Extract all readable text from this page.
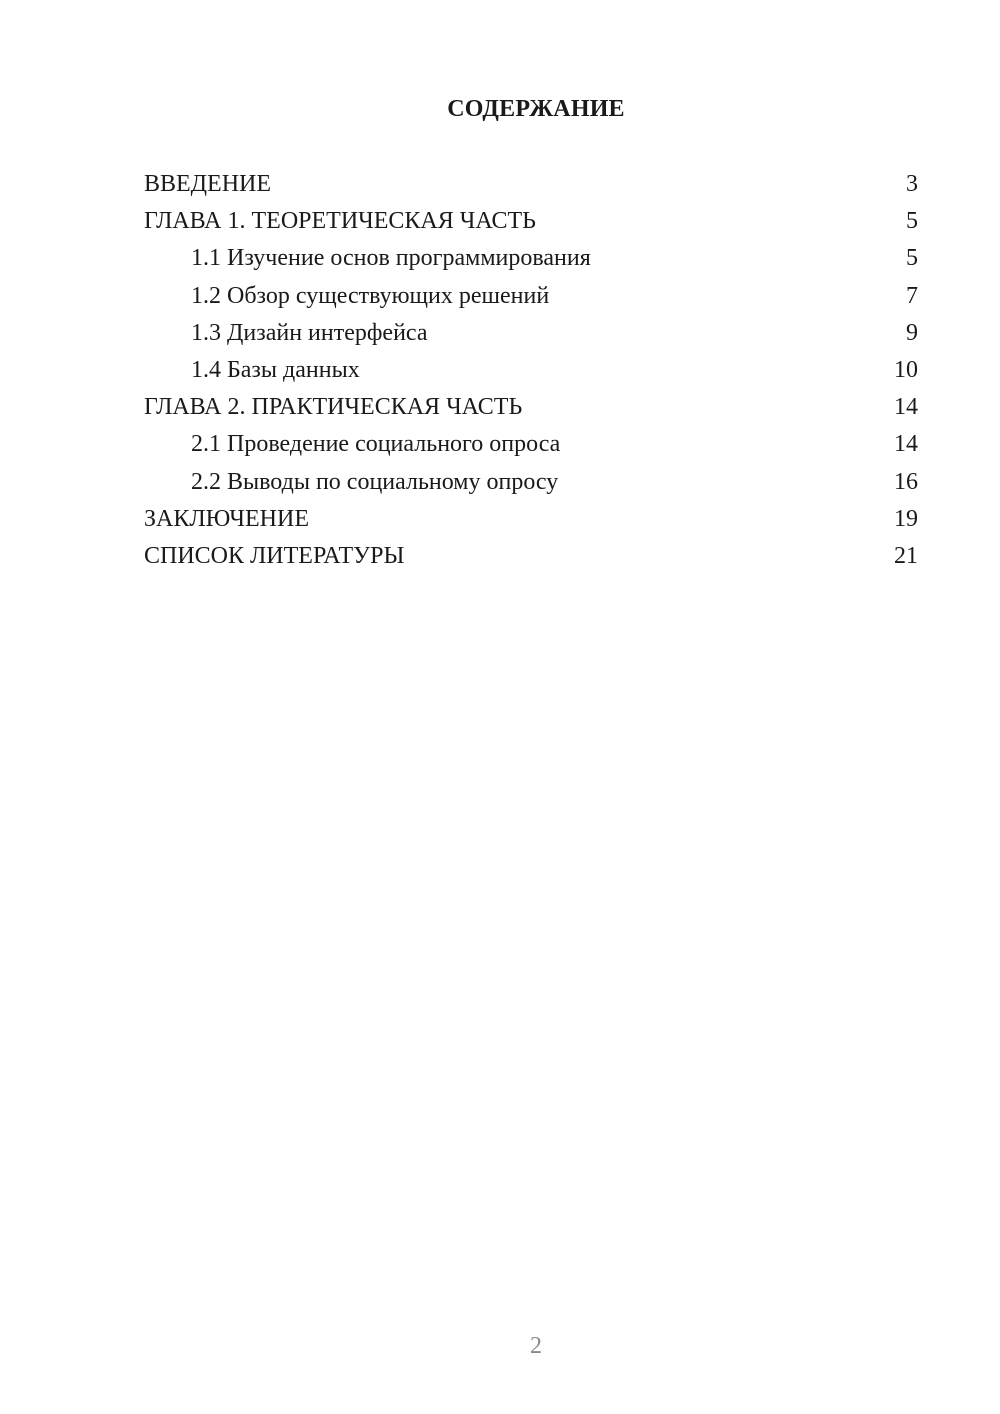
СОДЕРЖАНИЕ
ВВЕДЕНИЕ	3
ГЛАВА 1. ТЕОРЕТИЧЕСКАЯ ЧАСТЬ	5
1.1 Изучение основ программирования	5
1.2 Обзор существующих решений	7
1.3 Дизайн интерфейса	9
1.4 Базы данных	10
ГЛАВА 2. ПРАКТИЧЕСКАЯ ЧАСТЬ	14
2.1 Проведение социального опроса	14
2.2 Выводы по социальному опросу	16
ЗАКЛЮЧЕНИЕ	19
СПИСОК ЛИТЕРАТУРЫ	21
2
